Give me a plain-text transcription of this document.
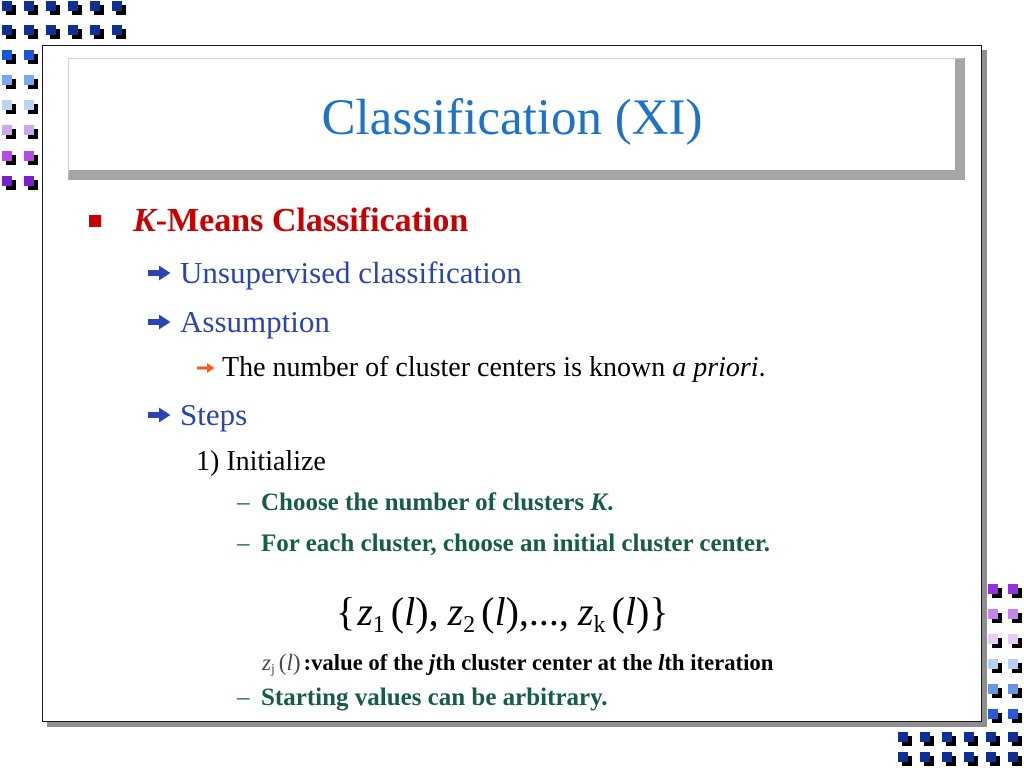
Classification (XI)
K-Means Classification
Unsupervised classification
Assumption
The number of cluster centers is known a priori.
Steps
1) Initialize
– Choose the number of clusters K.
– For each cluster, choose an initial cluster center.
{$z_1$ (l), $z_2$ (l),..., $z_k$ (l)}
$z_j$ (l) :value of the jth cluster center at the lth iteration
– Starting values can be arbitrary.
